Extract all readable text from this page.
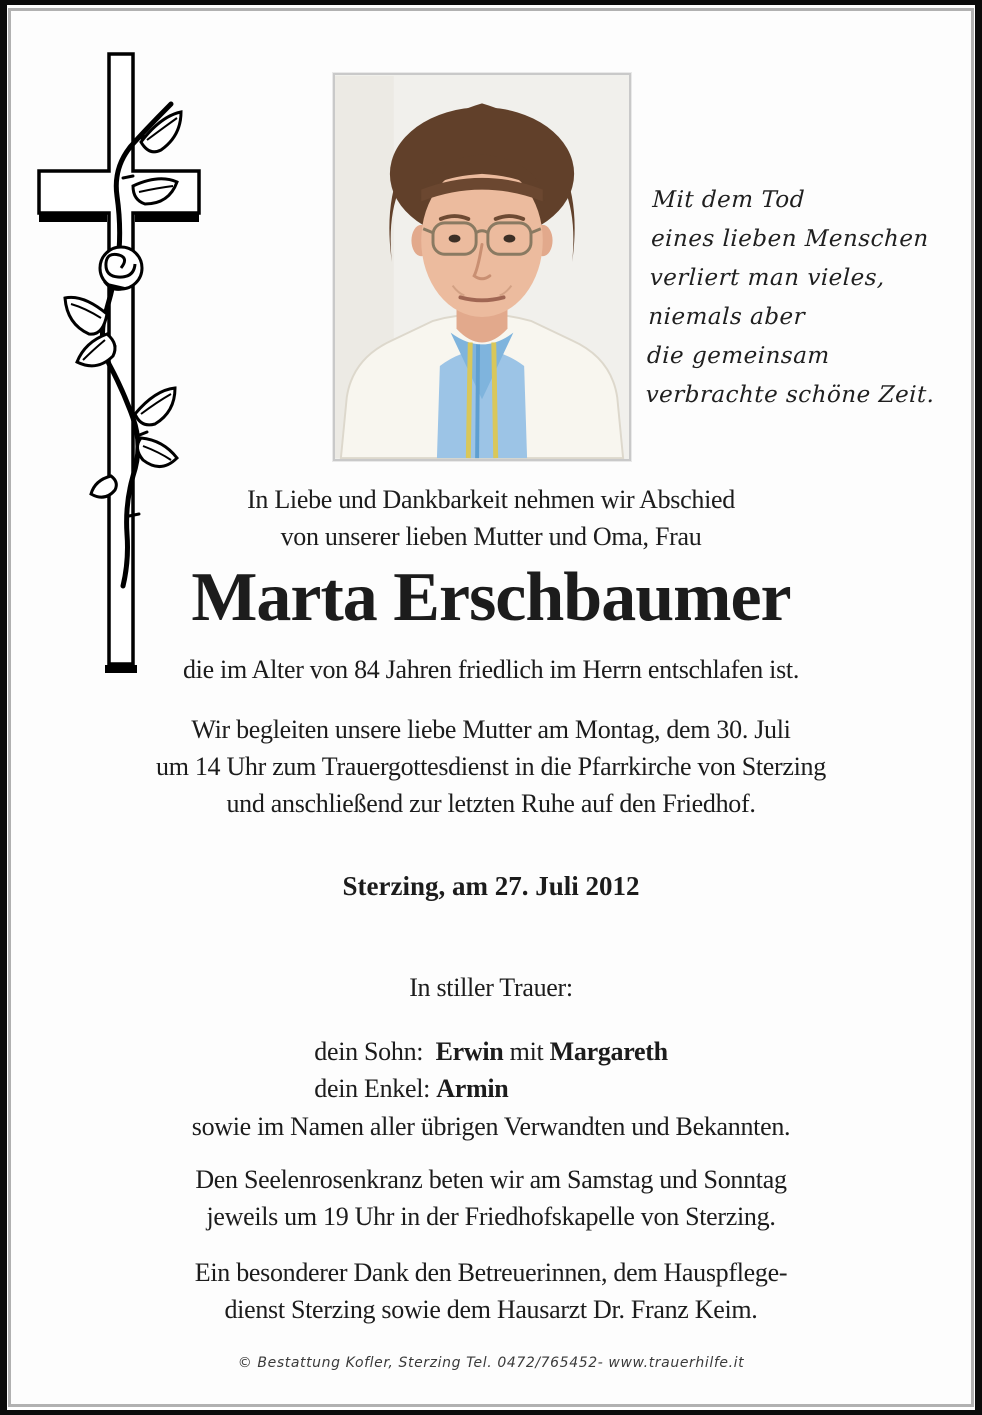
Mit dem Tod
eines lieben Menschen
verliert man vieles,
niemals aber
die gemeinsam
verbrachte schöne Zeit.
In Liebe und Dankbarkeit nehmen wir Abschied
von unserer lieben Mutter und Oma, Frau
Marta Erschbaumer
die im Alter von 84 Jahren friedlich im Herrn entschlafen ist.
Wir begleiten unsere liebe Mutter am Montag, dem 30. Juli
um 14 Uhr zum Trauergottesdienst in die Pfarrkirche von Sterzing
und anschließend zur letzten Ruhe auf den Friedhof.
Sterzing, am 27. Juli 2012
In stiller Trauer:
dein Sohn: Erwin mit Margareth
dein Enkel: Armin
sowie im Namen aller übrigen Verwandten und Bekannten.
Den Seelenrosenkranz beten wir am Samstag und Sonntag
jeweils um 19 Uhr in der Friedhofskapelle von Sterzing.
Ein besonderer Dank den Betreuerinnen, dem Hauspflege-
dienst Sterzing sowie dem Hausarzt Dr. Franz Keim.
© Bestattung Kofler, Sterzing Tel. 0472/765452- www.trauerhilfe.it
